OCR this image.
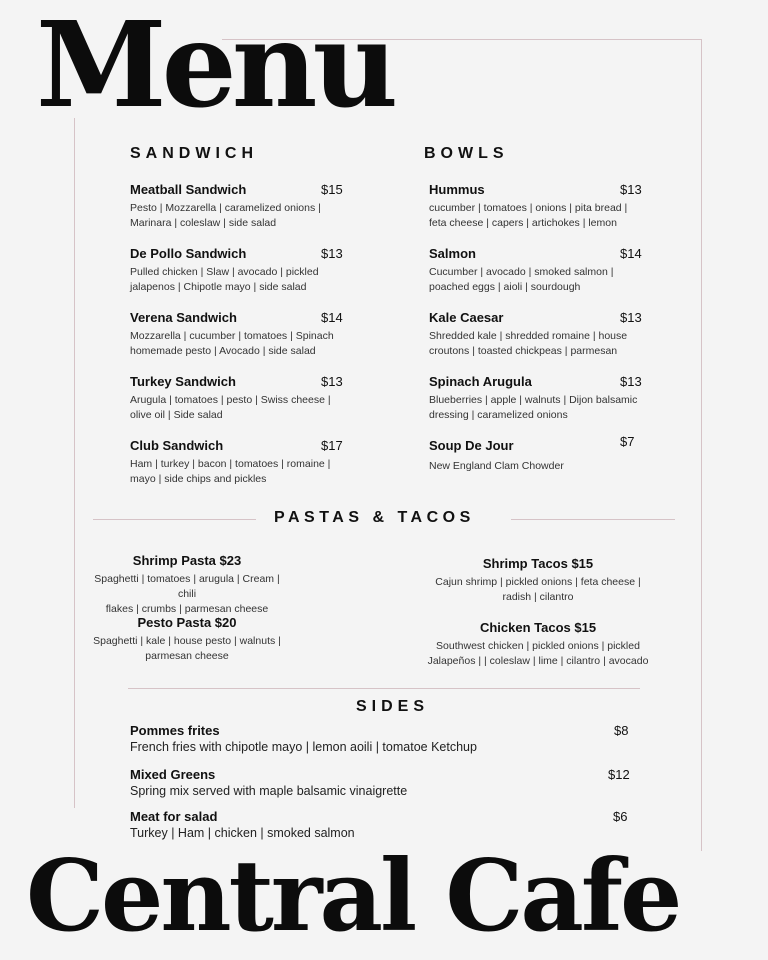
Menu
SANDWICH
Meatball Sandwich	$15
Pesto | Mozzarella | caramelized onions |
Marinara | coleslaw | side salad
De Pollo Sandwich	$13
Pulled chicken | Slaw | avocado | pickled
jalapenos | Chipotle mayo | side salad
Verena Sandwich	$14
Mozzarella | cucumber | tomatoes | Spinach
homemade pesto | Avocado | side salad
Turkey Sandwich	$13
Arugula | tomatoes | pesto | Swiss cheese |
olive oil | Side salad
Club Sandwich	$17
Ham | turkey | bacon | tomatoes | romaine |
mayo | side chips and pickles
BOWLS
Hummus	$13
cucumber | tomatoes | onions | pita bread |
feta cheese | capers | artichokes | lemon
Salmon	$14
Cucumber | avocado | smoked salmon |
poached eggs | aioli | sourdough
Kale Caesar	$13
Shredded kale | shredded romaine | house
croutons | toasted chickpeas | parmesan
Spinach Arugula	$13
Blueberries | apple | walnuts | Dijon balsamic
dressing | caramelized onions
Soup De Jour	$7
New England Clam Chowder
PASTAS & TACOS
Shrimp Pasta $23
Spaghetti | tomatoes | arugula | Cream | chili
flakes | crumbs | parmesan cheese
Pesto Pasta $20
Spaghetti | kale | house pesto | walnuts |
parmesan cheese
Shrimp Tacos $15
Cajun shrimp | pickled onions | feta cheese |
radish | cilantro
Chicken Tacos $15
Southwest chicken | pickled onions | pickled
Jalapeños | | coleslaw | lime | cilantro | avocado
SIDES
Pommes frites	$8
French fries with chipotle mayo | lemon aoili | tomatoe Ketchup
Mixed Greens	$12
Spring mix served with maple balsamic vinaigrette
Meat for salad	$6
Turkey | Ham | chicken | smoked salmon
Central Cafe
